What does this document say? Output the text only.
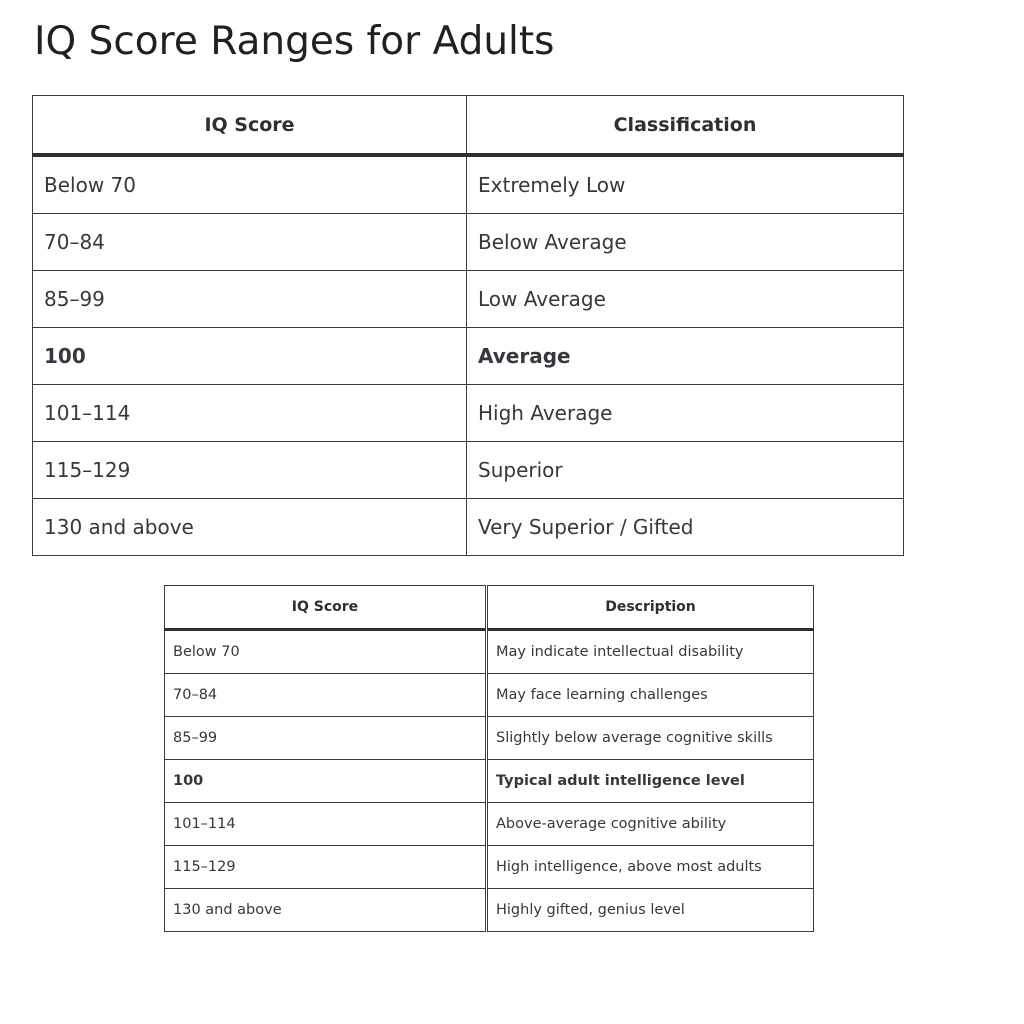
IQ Score Ranges for Adults
IQ Score	Classification
Below 70	Extremely Low
70–84	Below Average
85–99	Low Average
100	Average
101–114	High Average
115–129	Superior
130 and above	Very Superior / Gifted
IQ Score	Description
Below 70	May indicate intellectual disability
70–84	May face learning challenges
85–99	Slightly below average cognitive skills
100	Typical adult intelligence level
101–114	Above-average cognitive ability
115–129	High intelligence, above most adults
130 and above	Highly gifted, genius level
